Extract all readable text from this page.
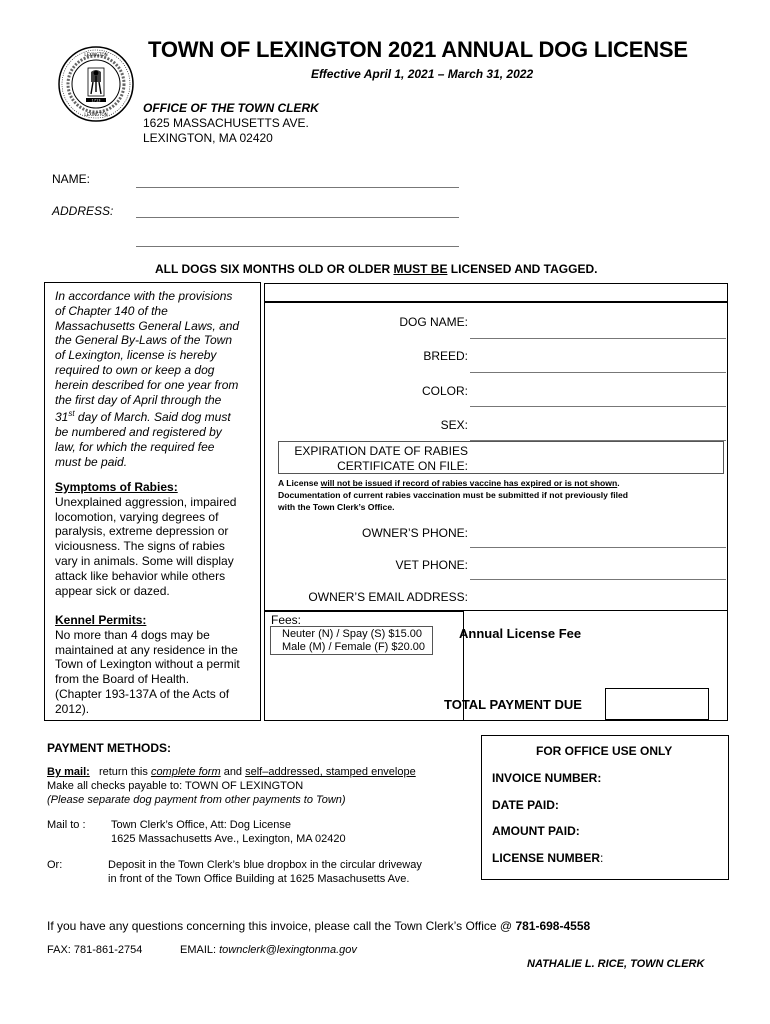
1713
LEXINGTON
LEXINGTON
TOWN OF LEXINGTON 2021 ANNUAL DOG LICENSE
Effective April 1, 2021 – March 31, 2022
OFFICE OF THE TOWN CLERK
1625 MASSACHUSETTS AVE.
LEXINGTON, MA 02420
NAME:
ADDRESS:
ALL DOGS SIX MONTHS OLD OR OLDER MUST BE LICENSED AND TAGGED.
In accordance with the provisions
of Chapter 140 of the
Massachusetts General Laws, and
the General By-Laws of the Town
of Lexington, license is hereby
required to own or keep a dog
herein described for one year from
the first day of April through the
31st day of March. Said dog must
be numbered and registered by
law, for which the required fee
must be paid.
Symptoms of Rabies:
Unexplained aggression, impaired
locomotion, varying degrees of
paralysis, extreme depression or
viciousness. The signs of rabies
vary in animals. Some will display
attack like behavior while others
appear sick or dazed.
Kennel Permits:
No more than 4 dogs may be
maintained at any residence in the
Town of Lexington without a permit
from the Board of Health.
(Chapter 193-137A of the Acts of
2012).
DOG NAME:
BREED:
COLOR:
SEX:
EXPIRATION DATE OF RABIES
CERTIFICATE ON FILE:
A License will not be issued if record of rabies vaccine has expired or is not shown.
Documentation of current rabies vaccination must be submitted if not previously filed
with the Town Clerk’s Office.
OWNER’S PHONE:
VET PHONE:
OWNER’S EMAIL ADDRESS:
Fees:
Neuter (N) / Spay (S) $15.00
Male (M) / Female (F) $20.00
Annual License Fee
TOTAL PAYMENT DUE
PAYMENT METHODS:
By mail:   return this complete form and self–addressed, stamped envelope
Make all checks payable to: TOWN OF LEXINGTON
(Please separate dog payment from other payments to Town)
Mail to : Town Clerk’s Office, Att: Dog License
1625 Massachusetts Ave., Lexington, MA 02420
Or:	Deposit in the Town Clerk’s blue dropbox in the circular driveway
in front of the Town Office Building at 1625 Masachusetts Ave.
FOR OFFICE USE ONLY
INVOICE NUMBER:
DATE PAID:
AMOUNT PAID:
LICENSE NUMBER:
If you have any questions concerning this invoice, please call the Town Clerk’s Office @ 781-698-4558
FAX: 781-861-2754	EMAIL: townclerk@lexingtonma.gov
NATHALIE L. RICE, TOWN CLERK
